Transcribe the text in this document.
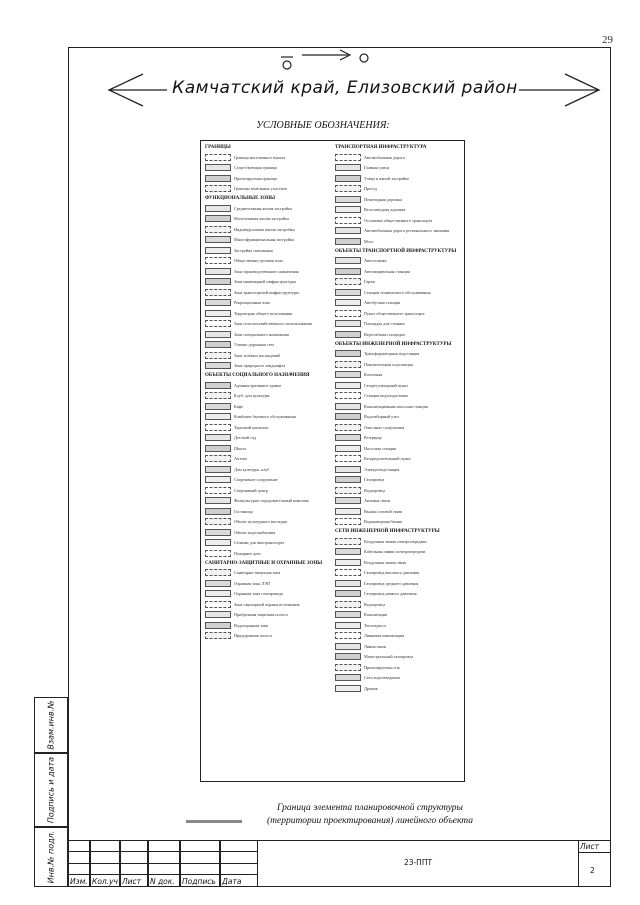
29
Камчатский край, Елизовский район
УСЛОВНЫЕ ОБОЗНАЧЕНИЯ:
ГРАНИЦЫ
Граница населенного пункта
Существующая граница
Проектируемая граница
Границы земельных участков
ФУНКЦИОНАЛЬНЫЕ ЗОНЫ
Среднеэтажная жилая застройка
Малоэтажная жилая застройка
Индивидуальная жилая застройка
Многофункциональная застройка
Застройка смешанная
Общественно-деловая зона
Зона производственного назначения
Зона инженерной инфраструктуры
Зона транспортной инфраструктуры
Рекреационная зона
Территория общего пользования
Зона сельскохозяйственного использования
Зона специального назначения
Улично-дорожная сеть
Зона зелёных насаждений
Зона природного ландшафта
ОБЪЕКТЫ СОЦИАЛЬНОГО НАЗНАЧЕНИЯ
Административное здание
Клуб, дом культуры
Кафе
Комбинат бытового обслуживания
Торговый комплекс
Детский сад
Школа
Аптека
Дом культуры, клуб
Спортивное сооружение
Спортивный центр
Физкультурно-оздоровительный комплекс
Гостиница
Объект культурного наследия
Объект водоснабжения
Стоянка для автотранспорта
Пожарное депо
САНИТАРНО-ЗАЩИТНЫЕ И ОХРАННЫЕ ЗОНЫ
Санитарно-защитная зона
Охранная зона ЛЭП
Охранная зона газопровода
Зона санитарной охраны источников
Прибрежная защитная полоса
Водоохранная зона
Придорожная полоса
ТРАНСПОРТНАЯ ИНФРАСТРУКТУРА
Автомобильная дорога
Главная улица
Улица в жилой застройке
Проезд
Пешеходная дорожка
Велосипедная дорожка
Остановка общественного транспорта
Автомобильная дорога регионального значения
Мост
ОБЪЕКТЫ ТРАНСПОРТНОЙ ИНФРАСТРУКТУРЫ
Автостоянка
Автозаправочная станция
Гараж
Станция технического обслуживания
Автобусная станция
Пункт общественного транспорта
Площадка для стоянки
Вертолётная площадка
ОБЪЕКТЫ ИНЖЕНЕРНОЙ ИНФРАСТРУКТУРЫ
Трансформаторная подстанция
Понизительная подстанция
Котельная
Газорегуляторный пункт
Станция водоподготовки
Канализационная насосная станция
Водозаборный узел
Очистные сооружения
Резервуар
Насосная станция
Распределительный пункт
Электроподстанция
Газопровод
Водопровод
Антенна связи
Вышка сотовой связи
Водонапорная башня
СЕТИ ИНЖЕНЕРНОЙ ИНФРАСТРУКТУРЫ
Воздушная линия электропередачи
Кабельная линия электропередачи
Воздушная линия связи
Газопровод высокого давления
Газопровод среднего давления
Газопровод низкого давления
Водопровод
Канализация
Теплотрасса
Ливневая канализация
Линия связи
Магистральный газопровод
Проектируемая сеть
Сеть водоотведения
Дренаж
Граница элемента планировочной структуры
(территории проектирования) линейного объекта
Взам.инв.№
Подпись и дата
Инв.№ подл. Изм. Кол.уч Лист N док. Подпись Дата
Лист
2
23-ППТ
